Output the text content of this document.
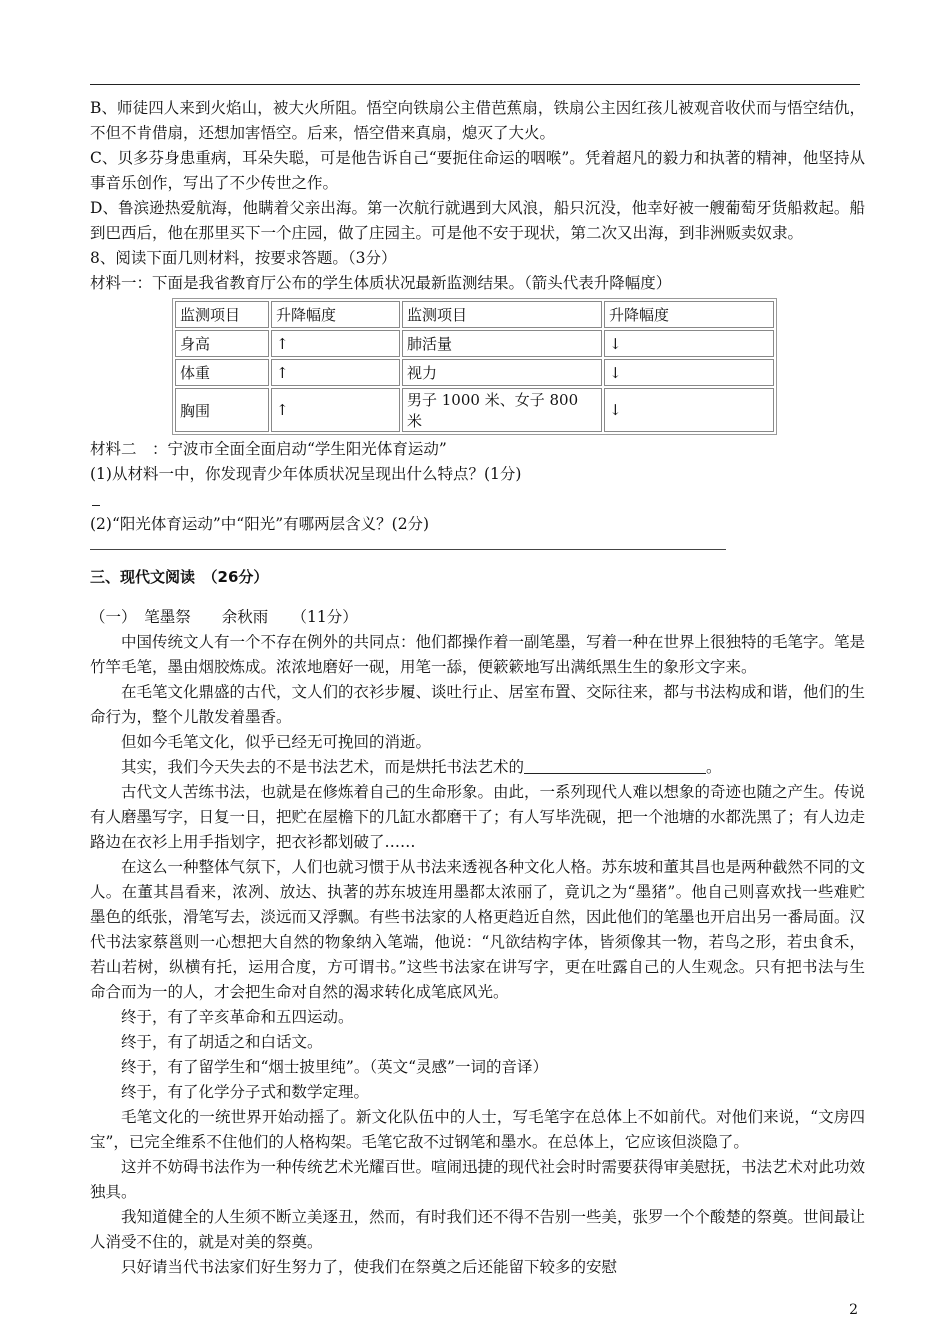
B、师徒四人来到火焰山，被大火所阻。悟空向铁扇公主借芭蕉扇，铁扇公主因红孩儿被观音收伏而与悟空结仇，不但不肯借扇，还想加害悟空。后来，悟空借来真扇，熄灭了大火。

C、贝多芬身患重病，耳朵失聪，可是他告诉自己“要扼住命运的咽喉”。凭着超凡的毅力和执著的精神，他坚持从事音乐创作，写出了不少传世之作。

D、鲁滨逊热爱航海，他瞒着父亲出海。第一次航行就遇到大风浪，船只沉没，他幸好被一艘葡萄牙货船救起。船到巴西后，他在那里买下一个庄园，做了庄园主。可是他不安于现状，第二次又出海，到非洲贩卖奴隶。

8、阅读下面几则材料，按要求答题。（3分）

材料一：下面是我省教育厅公布的学生体质状况最新监测结果。（箭头代表升降幅度）

监测项目	升降幅度	监测项目	升降幅度
身高	↑	肺活量	↓
体重	↑	视力	↓
胸围	↑	男子 1000 米、女子 800 米	↓

材料二　：宁波市全面全面启动“学生阳光体育运动”

(1)从材料一中，你发现青少年体质状况呈现出什么特点？(1分)

(2)“阳光体育运动”中“阳光”有哪两层含义？(2分)

三、现代文阅读　（26分）

（一）　笔墨祭　　余秋雨　　（11分）

中国传统文人有一个不存在例外的共同点：他们都操作着一副笔墨，写着一种在世界上很独特的毛笔字。笔是竹竿毛笔，墨由烟胶炼成。浓浓地磨好一砚，用笔一舔，便簌簌地写出满纸黑生生的象形文字来。

在毛笔文化鼎盛的古代，文人们的衣衫步履、谈吐行止、居室布置、交际往来，都与书法构成和谐，他们的生命行为，整个儿散发着墨香。

但如今毛笔文化，似乎已经无可挽回的消逝。

其实，我们今天失去的不是书法艺术，而是烘托书法艺术的	。

古代文人苦练书法，也就是在修炼着自己的生命形象。由此，一系列现代人难以想象的奇迹也随之产生。传说有人磨墨写字，日复一日，把贮在屋檐下的几缸水都磨干了；有人写毕洗砚，把一个池塘的水都洗黑了；有人边走路边在衣衫上用手指划字，把衣衫都划破了……

在这么一种整体气氛下，人们也就习惯于从书法来透视各种文化人格。苏东坡和董其昌也是两种截然不同的文人。在董其昌看来，浓冽、放达、执著的苏东坡连用墨都太浓丽了，竟讥之为“墨猪”。他自己则喜欢找一些难贮墨色的纸张，滑笔写去，淡远而又浮飘。有些书法家的人格更趋近自然，因此他们的笔墨也开启出另一番局面。汉代书法家蔡邕则一心想把大自然的物象纳入笔端，他说：“凡欲结构字体，皆须像其一物，若鸟之形，若虫食禾，若山若树，纵横有托，运用合度，方可谓书。”这些书法家在讲写字，更在吐露自己的人生观念。只有把书法与生命合而为一的人，才会把生命对自然的渴求转化成笔底风光。

终于，有了辛亥革命和五四运动。

终于，有了胡适之和白话文。

终于，有了留学生和“烟士披里纯”。（英文“灵感”一词的音译）

终于，有了化学分子式和数学定理。

毛笔文化的一统世界开始动摇了。新文化队伍中的人士，写毛笔字在总体上不如前代。对他们来说，“文房四宝”，已完全维系不住他们的人格构架。毛笔它敌不过钢笔和墨水。在总体上，它应该但淡隐了。

这并不妨碍书法作为一种传统艺术光耀百世。喧闹迅捷的现代社会时时需要获得审美慰抚，书法艺术对此功效独具。

我知道健全的人生须不断立美逐丑，然而，有时我们还不得不告别一些美，张罗一个个酸楚的祭奠。世间最让人消受不住的，就是对美的祭奠。

只好请当代书法家们好生努力了，使我们在祭奠之后还能留下较多的安慰

2
